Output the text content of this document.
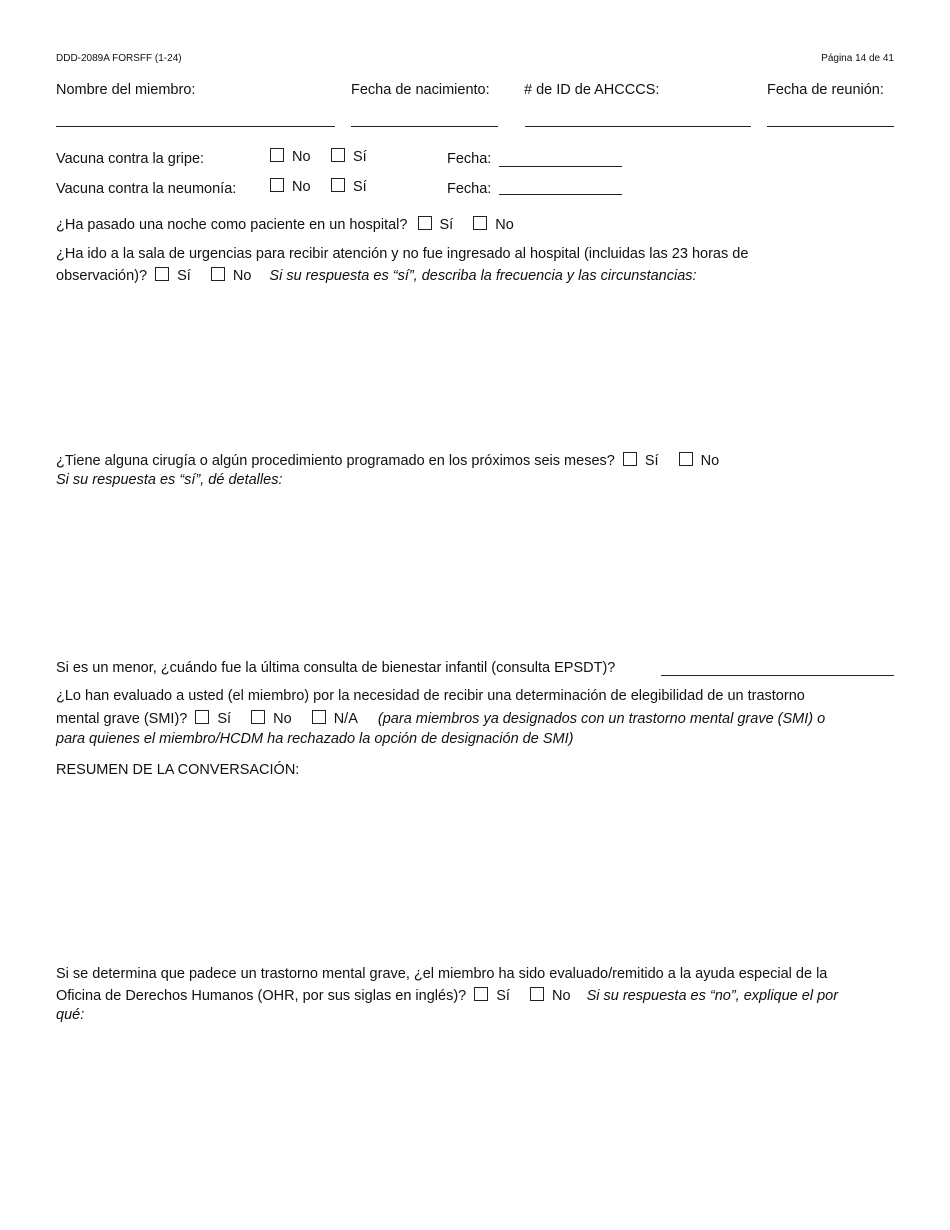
DDD-2089A FORSFF (1-24)	Página 14 de 41
Nombre del miembro:	Fecha de nacimiento: # de ID de AHCCCS:	Fecha de reunión:
Vacuna contra la gripe:	No	Sí	Fecha:
Vacuna contra la neumonía:	No	Sí	Fecha:
¿Ha pasado una noche como paciente en un hospital? Sí	No
¿Ha ido a la sala de urgencias para recibir atención y no fue ingresado al hospital (incluidas las 23 horas de
observación)? Sí	No Si su respuesta es “sí”, describa la frecuencia y las circunstancias:
¿Tiene alguna cirugía o algún procedimiento programado en los próximos seis meses? Sí	No
Si su respuesta es “sí”, dé detalles:
Si es un menor, ¿cuándo fue la última consulta de bienestar infantil (consulta EPSDT)?
¿Lo han evaluado a usted (el miembro) por la necesidad de recibir una determinación de elegibilidad de un trastorno
mental grave (SMI)? Sí	No	N/A (para miembros ya designados con un trastorno mental grave (SMI) o
para quienes el miembro/HCDM ha rechazado la opción de designación de SMI)
RESUMEN DE LA CONVERSACIÓN:
Si se determina que padece un trastorno mental grave, ¿el miembro ha sido evaluado/remitido a la ayuda especial de la
Oficina de Derechos Humanos (OHR, por sus siglas en inglés)? Sí	No Si su respuesta es “no”, explique el por
qué:
